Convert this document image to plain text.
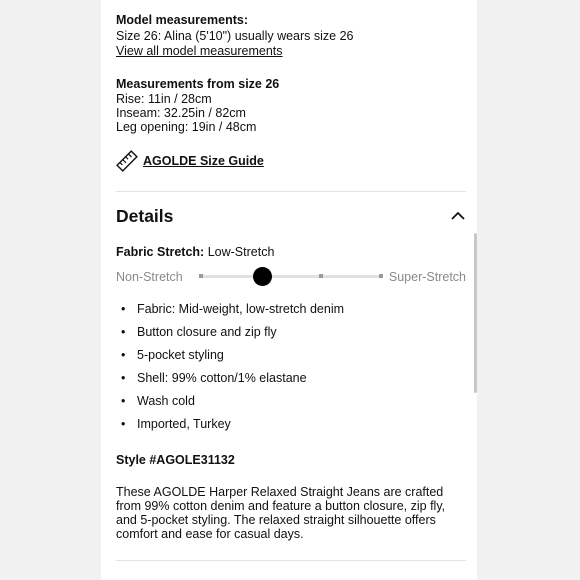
Model measurements:
Size 26: Alina (5'10") usually wears size 26
View all model measurements
Measurements from size 26
Rise: 11in / 28cm
Inseam: 32.25in / 82cm
Leg opening: 19in / 48cm
AGOLDE Size Guide
Details
Fabric Stretch: Low-Stretch
Non-Stretch	Super-Stretch
• Fabric: Mid-weight, low-stretch denim
• Button closure and zip fly
• 5-pocket styling
• Shell: 99% cotton/1% elastane
• Wash cold
• Imported, Turkey
Style #AGOLE31132
These AGOLDE Harper Relaxed Straight Jeans are crafted from 99% cotton denim and feature a button closure, zip fly, and 5-pocket styling. The relaxed straight silhouette offers comfort and ease for casual days.
